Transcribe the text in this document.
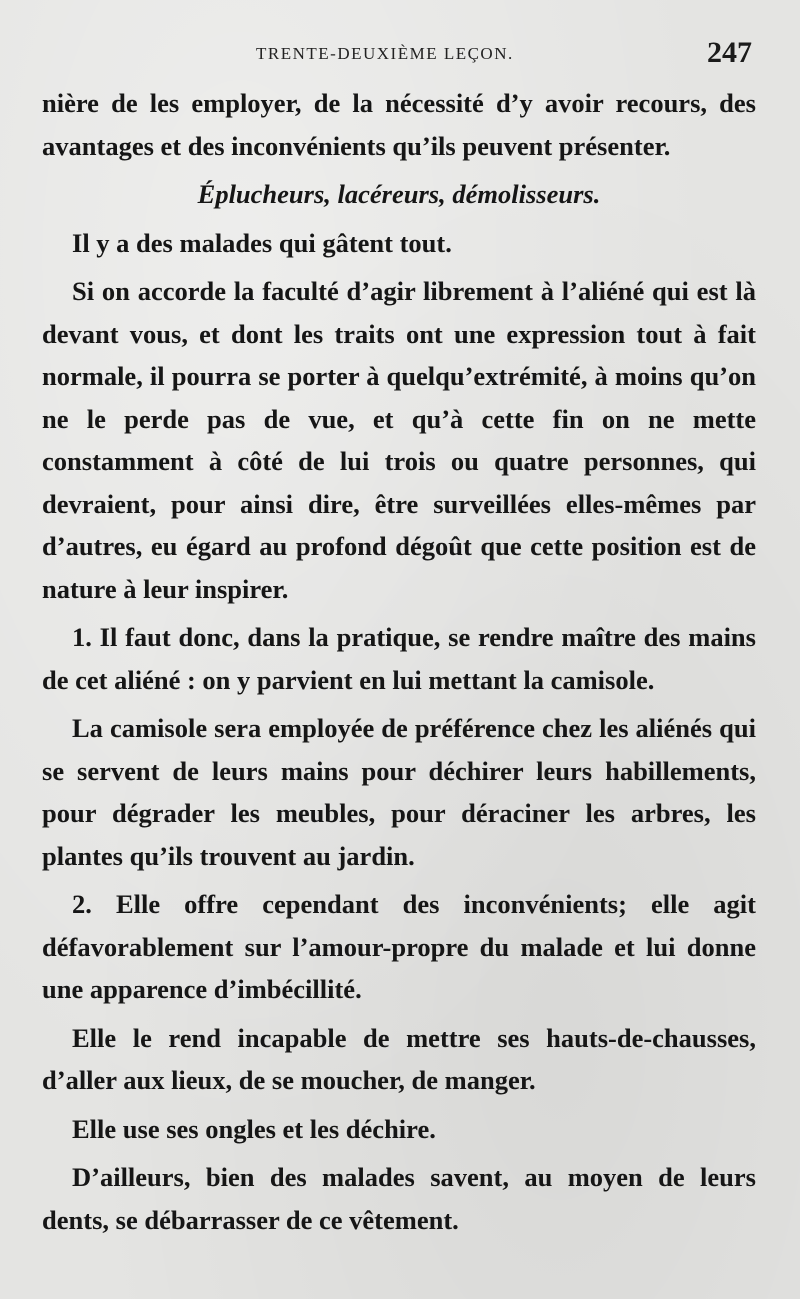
TRENTE-DEUXIÈME LEÇON.	247

nière de les employer, de la nécessité d’y avoir recours, des avantages et des inconvénients qu’ils peuvent présenter.

Éplucheurs, lacéreurs, démolisseurs.

Il y a des malades qui gâtent tout.

Si on accorde la faculté d’agir librement à l’aliéné qui est là devant vous, et dont les traits ont une expression tout à fait normale, il pourra se porter à quelqu’extrémité, à moins qu’on ne le perde pas de vue, et qu’à cette fin on ne mette constamment à côté de lui trois ou quatre personnes, qui devraient, pour ainsi dire, être surveillées elles-mêmes par d’autres, eu égard au profond dégoût que cette position est de nature à leur inspirer.

1. Il faut donc, dans la pratique, se rendre maître des mains de cet aliéné : on y parvient en lui mettant la camisole.

La camisole sera employée de préférence chez les aliénés qui se servent de leurs mains pour déchirer leurs habillements, pour dégrader les meubles, pour déraciner les arbres, les plantes qu’ils trouvent au jardin.

2. Elle offre cependant des inconvénients; elle agit défavorablement sur l’amour-propre du malade et lui donne une apparence d’imbécillité.

Elle le rend incapable de mettre ses hauts-de-chausses, d’aller aux lieux, de se moucher, de manger.

Elle use ses ongles et les déchire.

D’ailleurs, bien des malades savent, au moyen de leurs dents, se débarrasser de ce vêtement.
